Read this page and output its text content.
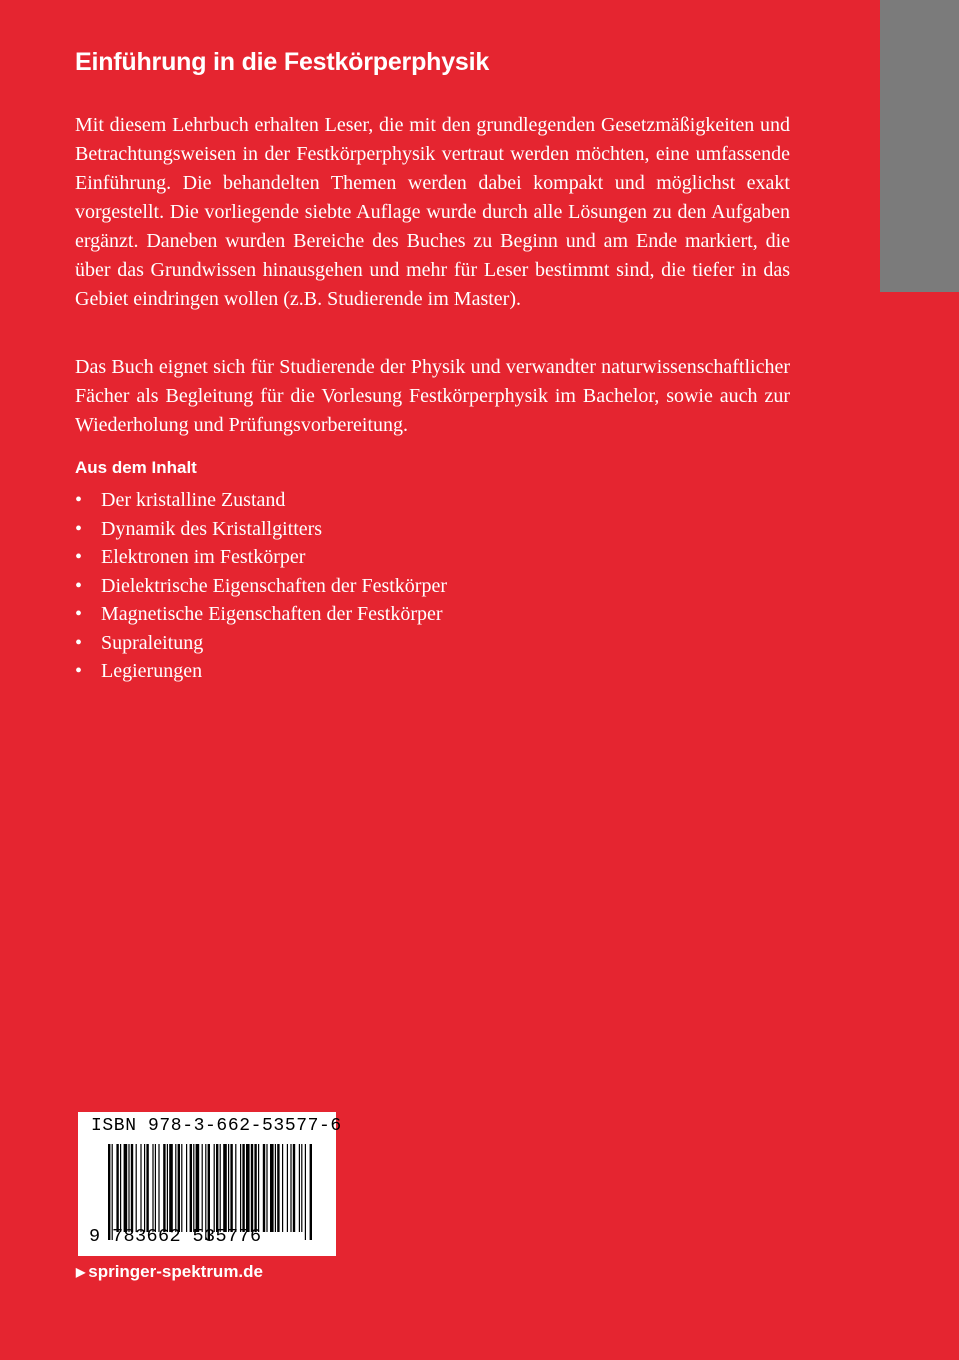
Einführung in die Festkörperphysik

Mit diesem Lehrbuch erhalten Leser, die mit den grundlegenden Gesetzmäßigkeiten und Betrachtungsweisen in der Festkörperphysik vertraut werden möchten, eine umfassende Einführung. Die behandelten Themen werden dabei kompakt und möglichst exakt vorgestellt. Die vorliegende siebte Auflage wurde durch alle Lösungen zu den Aufgaben ergänzt. Daneben wurden Bereiche des Buches zu Beginn und am Ende markiert, die über das Grundwissen hinausgehen und mehr für Leser bestimmt sind, die tiefer in das Gebiet eindringen wollen (z.B. Studierende im Master).

Das Buch eignet sich für Studierende der Physik und verwandter naturwissenschaftlicher Fächer als Begleitung für die Vorlesung Festkörperphysik im Bachelor, sowie auch zur Wiederholung und Prüfungsvorbereitung.

Aus dem Inhalt
• Der kristalline Zustand
• Dynamik des Kristallgitters
• Elektronen im Festkörper
• Dielektrische Eigenschaften der Festkörper
• Magnetische Eigenschaften der Festkörper
• Supraleitung
• Legierungen
ISBN 978-3-662-53577-6
9 783662 535776
▶ springer-spektrum.de
